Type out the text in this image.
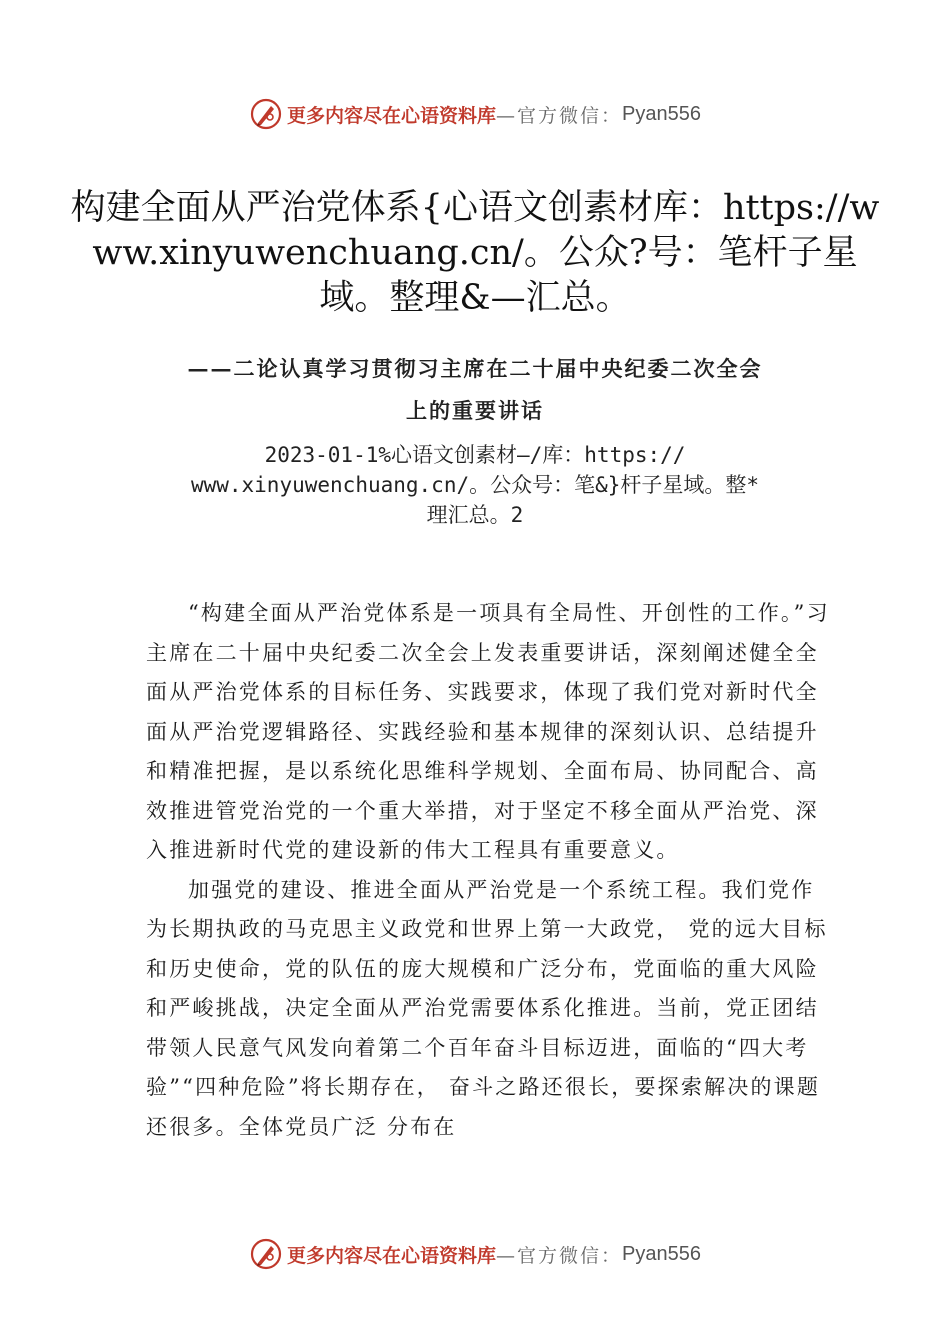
更多内容尽在心语资料库 —官方微信： Pyan556
构建全面从严治党体系{心语文创素材库：https://www.xinyuwenchuang.cn/。公众?号：笔杆子星域。整理&—汇总。
——二论认真学习贯彻习主席在二十届中央纪委二次全会
上的重要讲话
2023-01-1%心语文创素材—/库：https://
www.xinyuwenchuang.cn/。公众号：笔&}杆子星域。整*
理汇总。2

“构建全面从严治党体系是一项具有全局性、开创性的工作。”习主席在二十届中央纪委二次全会上发表重要讲话，深刻阐述健全全面从严治党体系的目标任务、实践要求，体现了我们党对新时代全面从严治党逻辑路径、实践经验和基本规律的深刻认识、总结提升和精准把握，是以系统化思维科学规划、全面布局、协同配合、高效推进管党治党的一个重大举措，对于坚定不移全面从严治党、深入推进新时代党的建设新的伟大工程具有重要意义。

加强党的建设、推进全面从严治党是一个系统工程。我们党作为长期执政的马克思主义政党和世界上第一大政党， 党的远大目标和历史使命，党的队伍的庞大规模和广泛分布，党面临的重大风险和严峻挑战，决定全面从严治党需要体系化推进。当前，党正团结带领人民意气风发向着第二个百年奋斗目标迈进，面临的“四大考验”“四种危险”将长期存在， 奋斗之路还很长，要探索解决的课题还很多。全体党员广泛 分布在

更多内容尽在心语资料库 —官方微信： Pyan556
